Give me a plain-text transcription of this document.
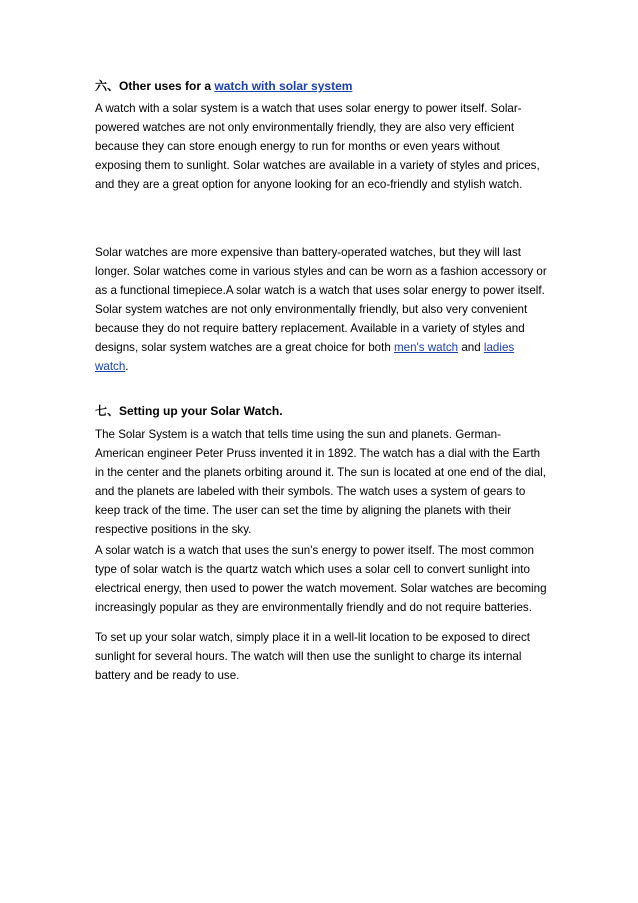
六、Other uses for a watch with solar system

A watch with a solar system is a watch that uses solar energy to power itself. Solar-powered watches are not only environmentally friendly, they are also very efficient because they can store enough energy to run for months or even years without exposing them to sunlight. Solar watches are available in a variety of styles and prices, and they are a great option for anyone looking for an eco-friendly and stylish watch.

Solar watches are more expensive than battery-operated watches, but they will last longer. Solar watches come in various styles and can be worn as a fashion accessory or as a functional timepiece.A solar watch is a watch that uses solar energy to power itself. Solar system watches are not only environmentally friendly, but also very convenient because they do not require battery replacement. Available in a variety of styles and designs, solar system watches are a great choice for both men's watch and ladies watch.

七、Setting up your Solar Watch.

The Solar System is a watch that tells time using the sun and planets. German-American engineer Peter Pruss invented it in 1892. The watch has a dial with the Earth in the center and the planets orbiting around it. The sun is located at one end of the dial, and the planets are labeled with their symbols. The watch uses a system of gears to keep track of the time. The user can set the time by aligning the planets with their respective positions in the sky.

A solar watch is a watch that uses the sun's energy to power itself. The most common type of solar watch is the quartz watch which uses a solar cell to convert sunlight into electrical energy, then used to power the watch movement. Solar watches are becoming increasingly popular as they are environmentally friendly and do not require batteries.

To set up your solar watch, simply place it in a well-lit location to be exposed to direct sunlight for several hours. The watch will then use the sunlight to charge its internal battery and be ready to use.
